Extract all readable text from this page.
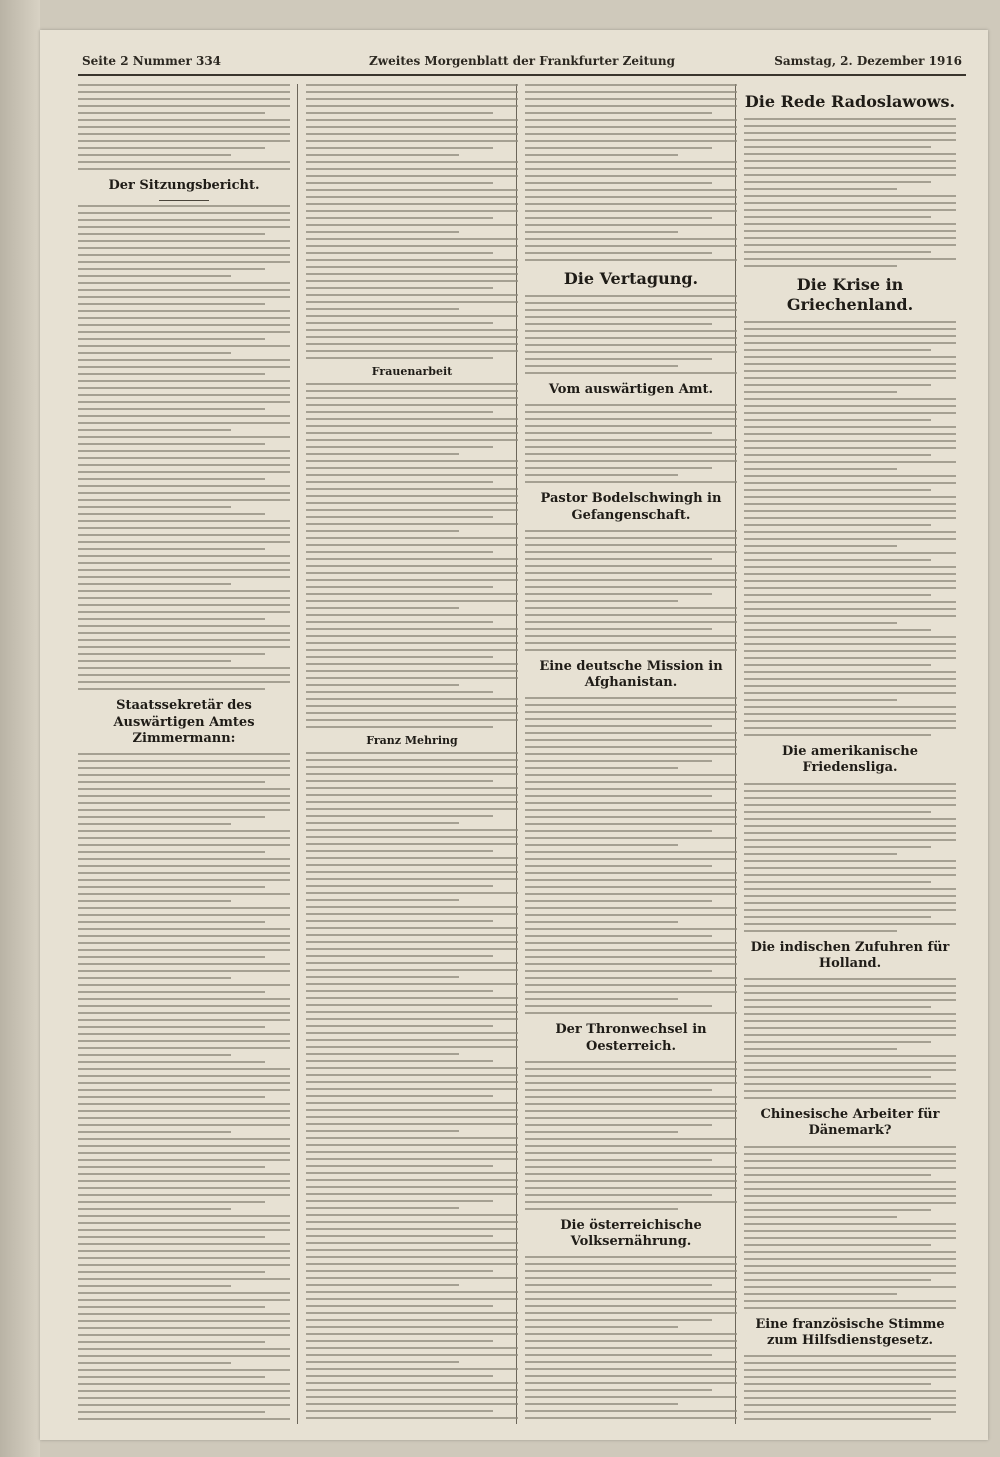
Seite 2 Nummer 334	Zweites Morgenblatt der Frankfurter Zeitung	Samstag, 2. Dezember 1916
Der Sitzungsbericht.
Staatssekretär des Auswärtigen Amtes Zimmermann:
Frauenarbeit
Franz Mehring
Die Vertagung.
Vom auswärtigen Amt.
Pastor Bodelschwingh in Gefangenschaft.
Eine deutsche Mission in Afghanistan.
Der Thronwechsel in Oesterreich.
Die österreichische Volksernährung.
Die Rede Radoslawows.
Die Krise in Griechenland.
Die amerikanische Friedensliga.
Die indischen Zufuhren für Holland.
Chinesische Arbeiter für Dänemark?
Eine französische Stimme zum Hilfsdienstgesetz.
